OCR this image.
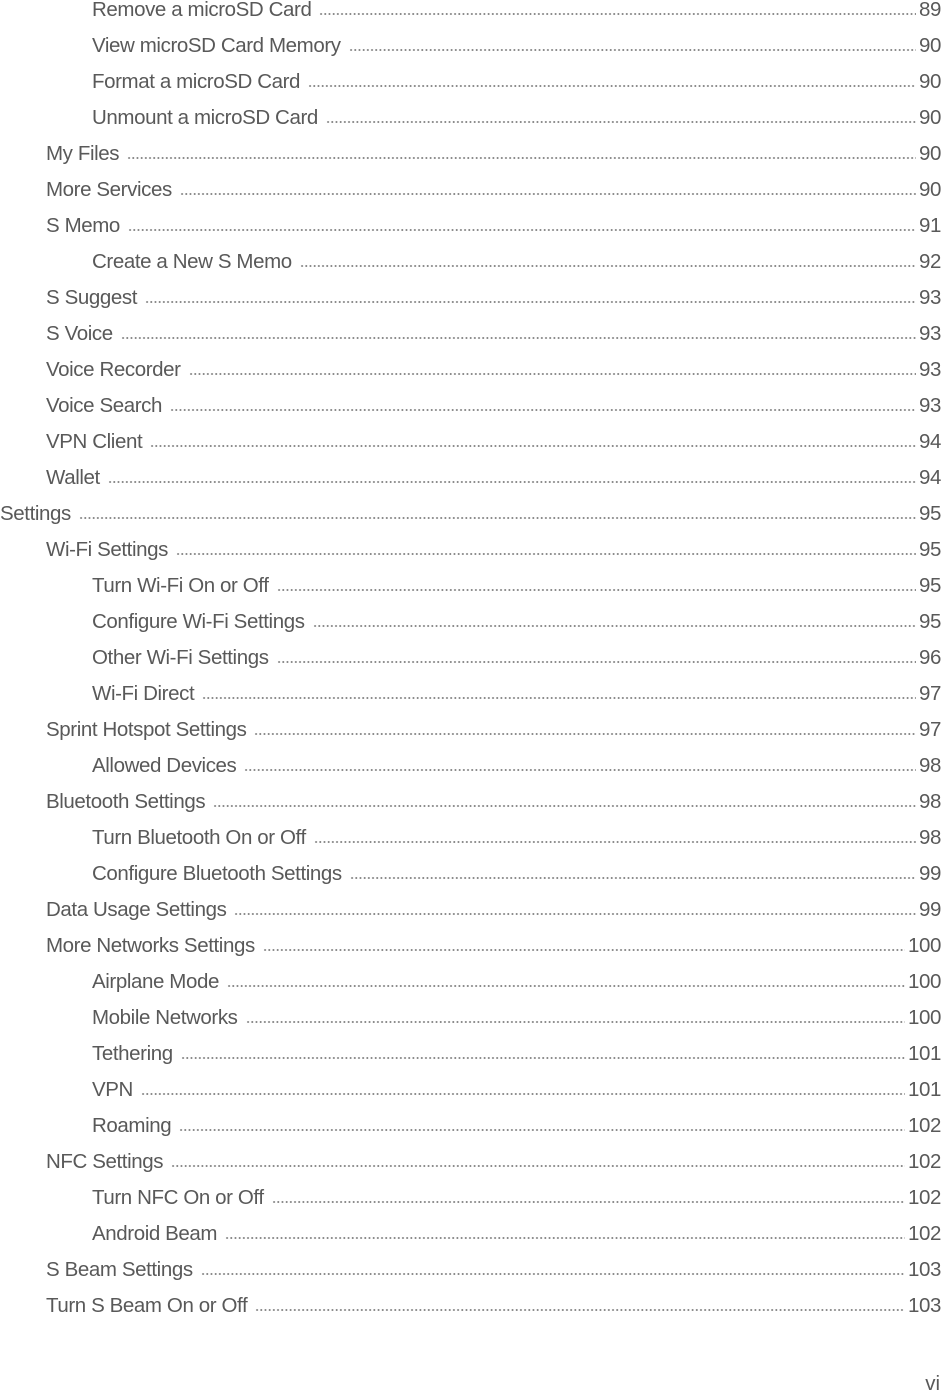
Remove a microSD Card	89
View microSD Card Memory	90
Format a microSD Card	90
Unmount a microSD Card	90
My Files	90
More Services	90
S Memo	91
Create a New S Memo	92
S Suggest	93
S Voice	93
Voice Recorder	93
Voice Search	93
VPN Client	94
Wallet	94
Settings	95
Wi-Fi Settings	95
Turn Wi-Fi On or Off	95
Configure Wi-Fi Settings	95
Other Wi-Fi Settings	96
Wi-Fi Direct	97
Sprint Hotspot Settings	97
Allowed Devices	98
Bluetooth Settings	98
Turn Bluetooth On or Off	98
Configure Bluetooth Settings	99
Data Usage Settings	99
More Networks Settings	100
Airplane Mode	100
Mobile Networks	100
Tethering	101
VPN	101
Roaming	102
NFC Settings	102
Turn NFC On or Off	102
Android Beam	102
S Beam Settings	103
Turn S Beam On or Off	103
vi
